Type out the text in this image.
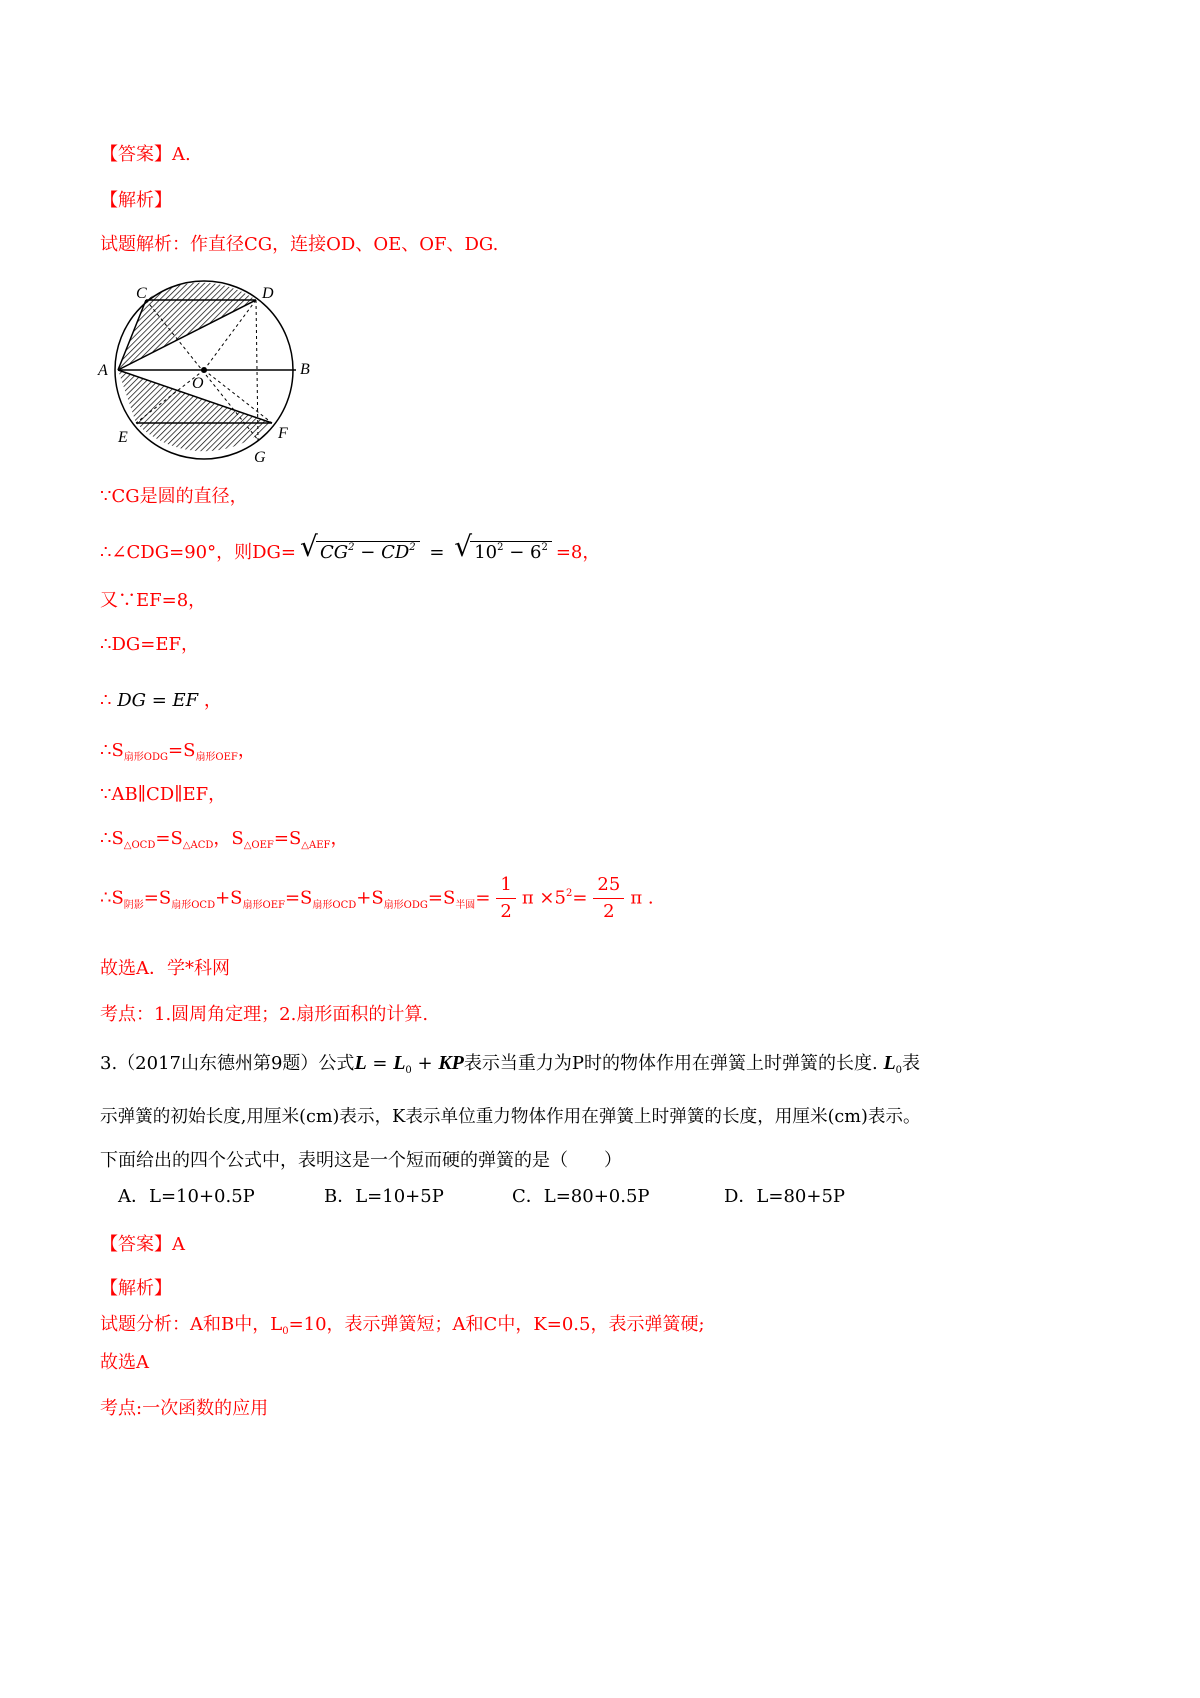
【答案】A.
【解析】
试题解析：作直径CG，连接OD、OE、OF、DG.
C	D
A
O
B
E	F
G
∵CG是圆的直径，
∴∠CDG=90°，则DG=√ $CG^2 - CD^2$ = √ $10^2 - 6^2 =8$，
又∵EF=8，
∴DG=EF，
∴ DG = EF ，
$\therefore S_{扇形ODG}=S_{扇形OEF}$，
∵AB∥CD∥EF，
$\therefore S_{\triangle OCD}=S_{\triangle ACD}$，$S_{\triangle OEF}=S_{\triangle AEF}$，
$\therefore S_{阴影}=S_{扇形OCD}+S_{扇形OEF}=S_{扇形OCD}+S_{扇形ODG}=S_{半圆}= \frac{1}{2}$ $\pi \times 5^2= \frac{25}{2}$ π .
故选A．学*科网
考点：1.圆周角定理；2.扇形面积的计算.
3.（2017山东德州第9题）公式$L = L_0$ + KP表示当重力为P时的物体作用在弹簧上时弹簧的长度. $L_0$表
示弹簧的初始长度,用厘米(cm)表示，K表示单位重力物体作用在弹簧上时弹簧的长度，用厘米(cm)表示。
下面给出的四个公式中，表明这是一个短而硬的弹簧的是（　　）
A．L=10+0.5P	B．L=10+5P	C．L=80+0.5P	D．L=80+5P
【答案】A
【解析】
试题分析：A和B中，$L_0=10$，表示弹簧短；A和C中，K=0.5，表示弹簧硬;
故选A
考点:一次函数的应用
